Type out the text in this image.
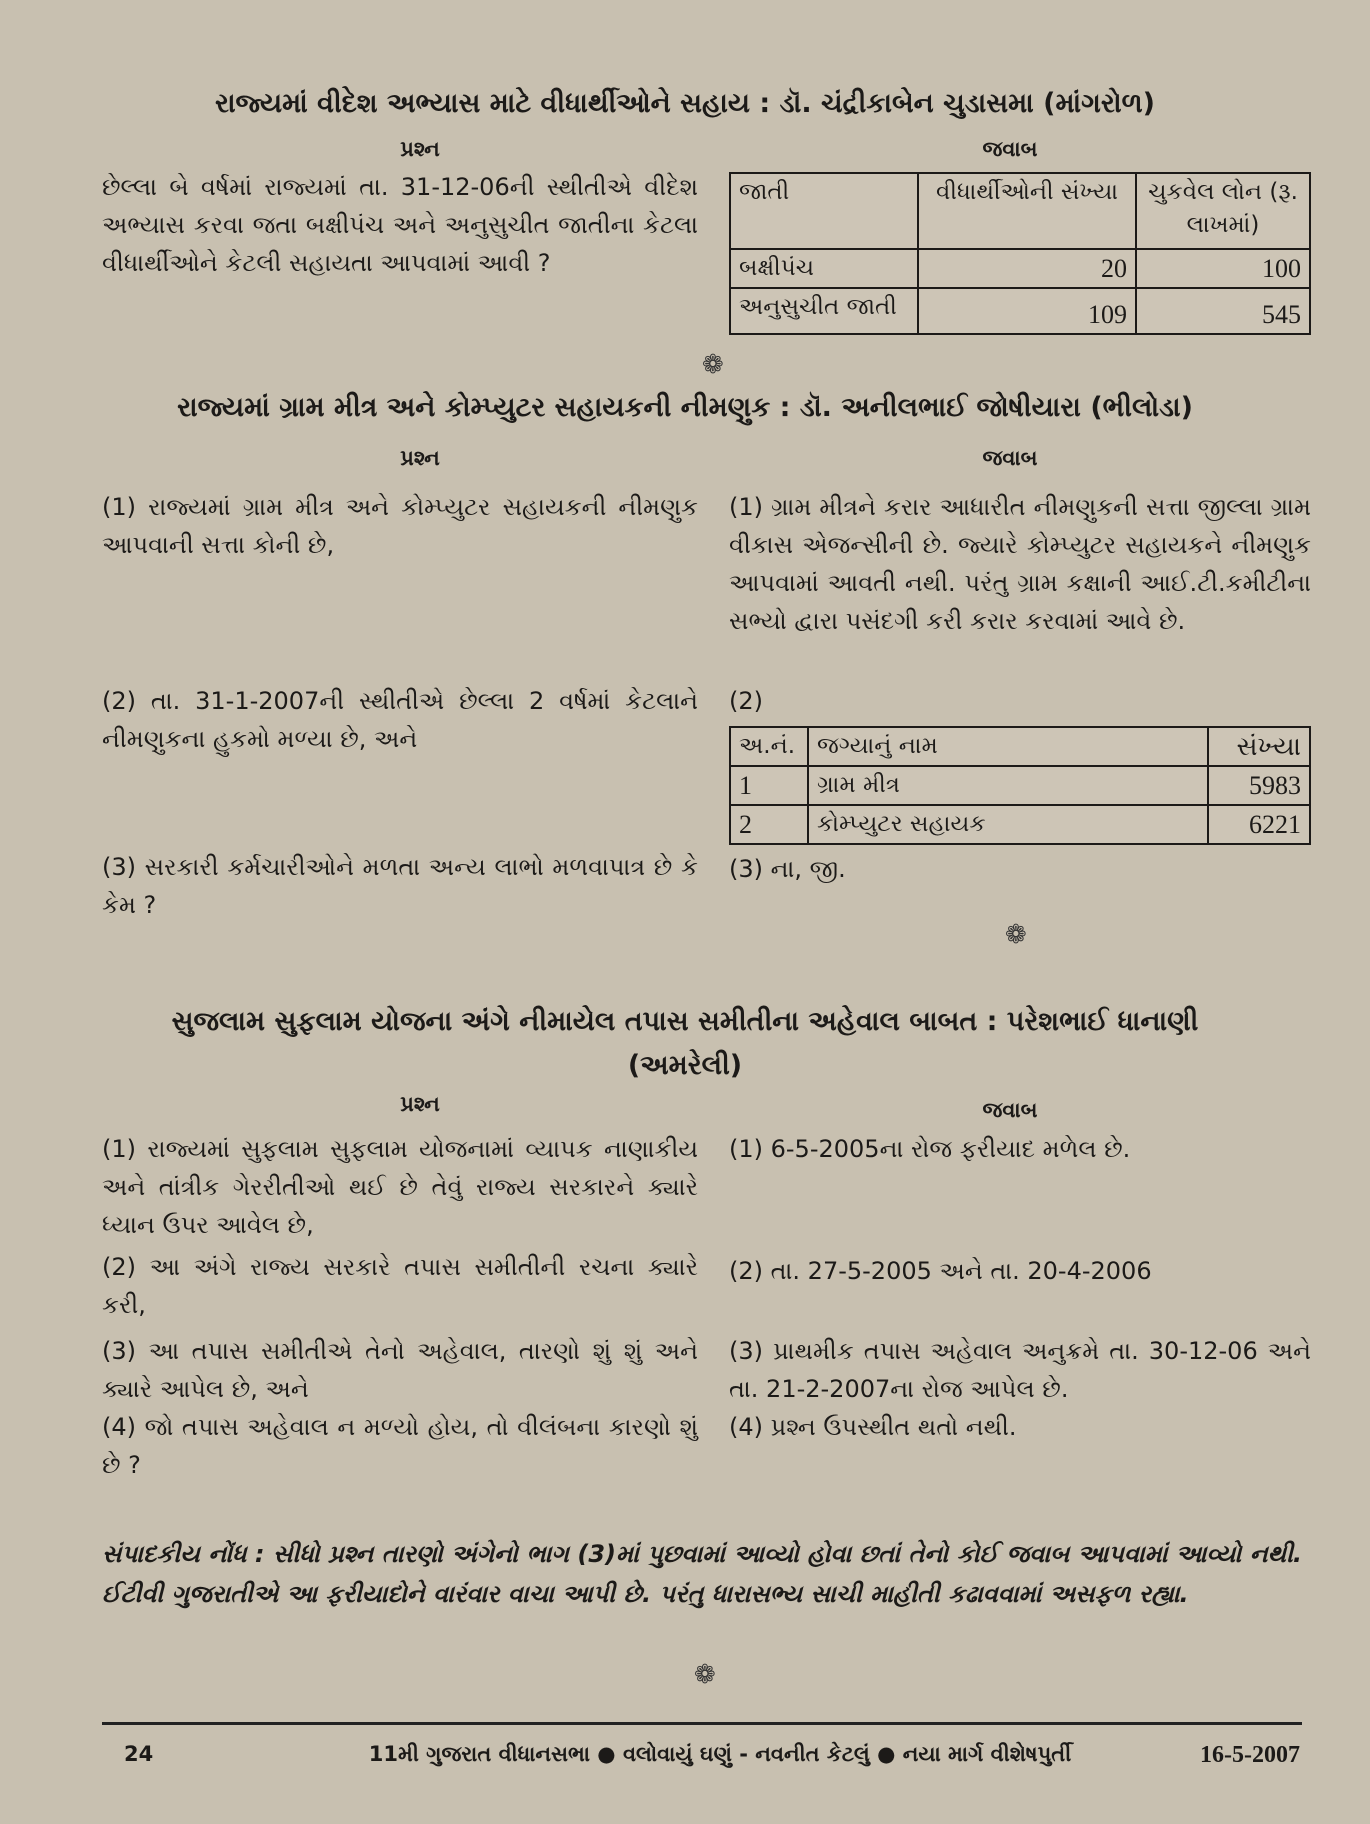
રાજ્યમાં વીદેશ અભ્યાસ માટે વીધાર્થીઓને સહાય : ડૉ. ચંદ્રીકાબેન ચુડાસમા (માંગરોળ)
પ્રશ્ન	જવાબ
છેલ્લા બે વર્ષમાં રાજ્યમાં તા. 31-12-06ની સ્થીતીએ વીદેશ અભ્યાસ કરવા જતા બક્ષીપંચ અને અનુસુચીત જાતીના કેટલા વીધાર્થીઓને કેટલી સહાયતા આપવામાં આવી ?
જાતી	વીધાર્થીઓની સંખ્યા	ચુકવેલ લોન (રૂ. લાખમાં)
બક્ષીપંચ	20	100
અનુસુચીત જાતી	109	545
❁
રાજ્યમાં ગ્રામ મીત્ર અને કોમ્પ્યુટર સહાયકની નીમણુક : ડૉ. અનીલભાઈ જોષીયારા (ભીલોડા)
પ્રશ્ન	જવાબ
(1) રાજ્યમાં ગ્રામ મીત્ર અને કોમ્પ્યુટર સહાયકની નીમણુક આપવાની સત્તા કોની છે,
(1) ગ્રામ મીત્રને કરાર આધારીત નીમણુકની સત્તા જીલ્લા ગ્રામ વીકાસ એજન્સીની છે. જ્યારે કોમ્પ્યુટર સહાયકને નીમણુક આપવામાં આવતી નથી. પરંતુ ગ્રામ કક્ષાની આઈ.ટી.કમીટીના સભ્યો દ્વારા પસંદગી કરી કરાર કરવામાં આવે છે.
(2) તા. 31-1-2007ની સ્થીતીએ છેલ્લા 2 વર્ષમાં કેટલાને નીમણુકના હુકમો મળ્યા છે, અને
(2)
અ.નં.	જગ્યાનું નામ	સંખ્યા
1	ગ્રામ મીત્ર	5983
2	કોમ્પ્યુટર સહાયક	6221
(3) સરકારી કર્મચારીઓને મળતા અન્ય લાભો મળવાપાત્ર છે કે કેમ ?
(3) ના, જી.
❁
સુજલામ સુફલામ યોજના અંગે નીમાયેલ તપાસ સમીતીના અહેવાલ બાબત : પરેશભાઈ ધાનાણી
(અમરેલી)
પ્રશ્ન	જવાબ
(1) રાજ્યમાં સુફલામ સુફલામ યોજનામાં વ્યાપક નાણાકીય અને તાંત્રીક ગેરરીતીઓ થઈ છે તેવું રાજ્ય સરકારને ક્યારે ધ્યાન ઉપર આવેલ છે,
(1) 6-5-2005ના રોજ ફરીયાદ મળેલ છે.
(2) આ અંગે રાજ્ય સરકારે તપાસ સમીતીની રચના ક્યારે કરી,
(2) તા. 27-5-2005 અને તા. 20-4-2006
(3) આ તપાસ સમીતીએ તેનો અહેવાલ, તારણો શું શું અને ક્યારે આપેલ છે, અને
(3) પ્રાથમીક તપાસ અહેવાલ અનુક્રમે તા. 30-12-06 અને તા. 21-2-2007ના રોજ આપેલ છે.
(4) જો તપાસ અહેવાલ ન મળ્યો હોય, તો વીલંબના કારણો શું છે ?
(4) પ્રશ્ન ઉપસ્થીત થતો નથી.
સંપાદકીય નોંધ : સીધો પ્રશ્ન તારણો અંગેનો ભાગ (3)માં પુછવામાં આવ્યો હોવા છતાં તેનો કોઈ જવાબ આપવામાં આવ્યો નથી. ઈટીવી ગુજરાતીએ આ ફરીયાદોને વારંવાર વાચા આપી છે. પરંતુ ધારાસભ્ય સાચી માહીતી કઢાવવામાં અસફળ રહ્યા.
❁
24	11મી ગુજરાત વીધાનસભા ● વલોવાયું ઘણું - નવનીત કેટલું ● નયા માર્ગ વીશેષપુર્તી	16-5-2007
